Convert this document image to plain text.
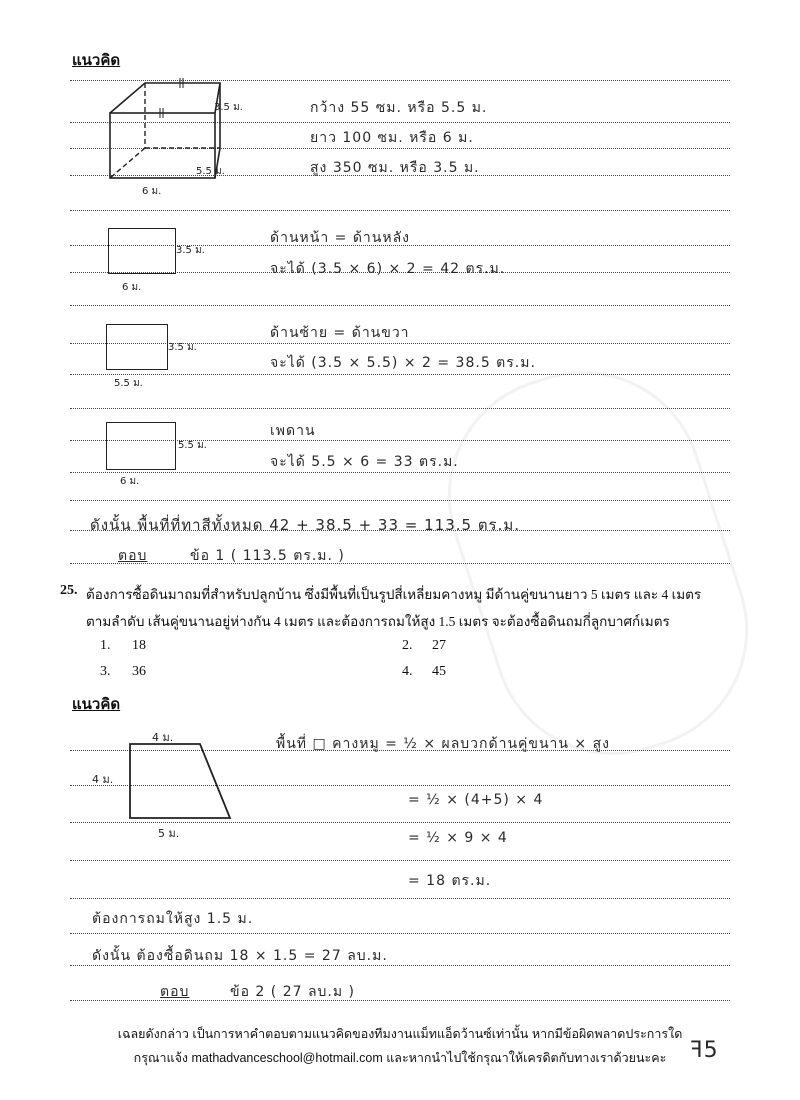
แนวคิด
3.5 ม.
5.5 ม.
6 ม.
กว้าง 55 ซม. หรือ 5.5 ม.
ยาว 100 ซม. หรือ 6 ม.
สูง 350 ซม. หรือ 3.5 ม.
3.5 ม.
6 ม.
ด้านหน้า = ด้านหลัง
จะได้ (3.5 × 6) × 2 = 42 ตร.ม.
3.5 ม.
5.5 ม.
ด้านซ้าย = ด้านขวา
จะได้ (3.5 × 5.5) × 2 = 38.5 ตร.ม.
5.5 ม.
6 ม.
เพดาน
จะได้ 5.5 × 6 = 33 ตร.ม.
ดังนั้น พื้นที่ที่ทาสีทั้งหมด 42 + 38.5 + 33 = 113.5 ตร.ม.
ตอบ	ข้อ 1 ( 113.5 ตร.ม. )
25. ต้องการซื้อดินมาถมที่สำหรับปลูกบ้าน ซึ่งมีพื้นที่เป็นรูปสี่เหลี่ยมคางหมู มีด้านคู่ขนานยาว 5 เมตร และ 4 เมตร
ตามลำดับ เส้นคู่ขนานอยู่ห่างกัน 4 เมตร และต้องการถมให้สูง 1.5 เมตร จะต้องซื้อดินถมกี่ลูกบาศก์เมตร
1. 18	2. 27
3. 36	4. 45
แนวคิด
4 ม.
4 ม.
5 ม.
พื้นที่ □ คางหมู = ½ × ผลบวกด้านคู่ขนาน × สูง
= ½ × (4+5) × 4
= ½ × 9 × 4
= 18 ตร.ม.
ต้องการถมให้สูง 1.5 ม.
ดังนั้น ต้องซื้อดินถม 18 × 1.5 = 27 ลบ.ม.
ตอบ	ข้อ 2 ( 27 ลบ.ม )
เฉลยดังกล่าว เป็นการหาคำตอบตามแนวคิดของทีมงานแม็ทแอ็ดว้านซ์เท่านั้น หากมีข้อผิดพลาดประการใด
กรุณาแจ้ง mathadvanceschool@hotmail.com และหากนำไปใช้กรุณาให้เครดิตกับทางเราด้วยนะคะ	ꟻ5
